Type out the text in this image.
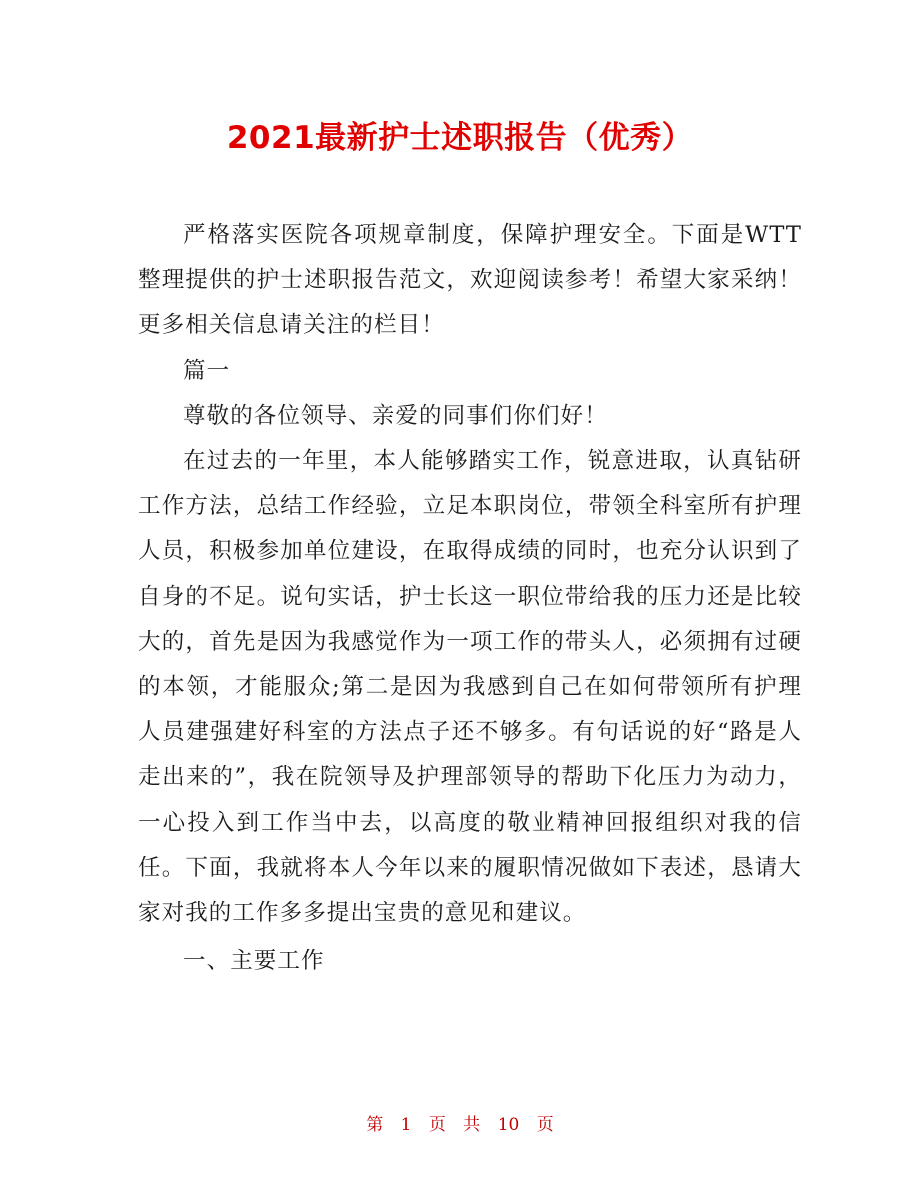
2021最新护士述职报告（优秀）

严格落实医院各项规章制度，保障护理安全。下面是WTT整理提供的护士述职报告范文，欢迎阅读参考！希望大家采纳！更多相关信息请关注的栏目！

篇一

尊敬的各位领导、亲爱的同事们你们好！

在过去的一年里，本人能够踏实工作，锐意进取，认真钻研工作方法，总结工作经验，立足本职岗位，带领全科室所有护理人员，积极参加单位建设，在取得成绩的同时，也充分认识到了自身的不足。说句实话，护士长这一职位带给我的压力还是比较大的，首先是因为我感觉作为一项工作的带头人，必须拥有过硬的本领，才能服众;第二是因为我感到自己在如何带领所有护理人员建强建好科室的方法点子还不够多。有句话说的好“路是人走出来的”，我在院领导及护理部领导的帮助下化压力为动力，一心投入到工作当中去，以高度的敬业精神回报组织对我的信任。下面，我就将本人今年以来的履职情况做如下表述，恳请大家对我的工作多多提出宝贵的意见和建议。

一、主要工作

第 1 页 共 10 页
